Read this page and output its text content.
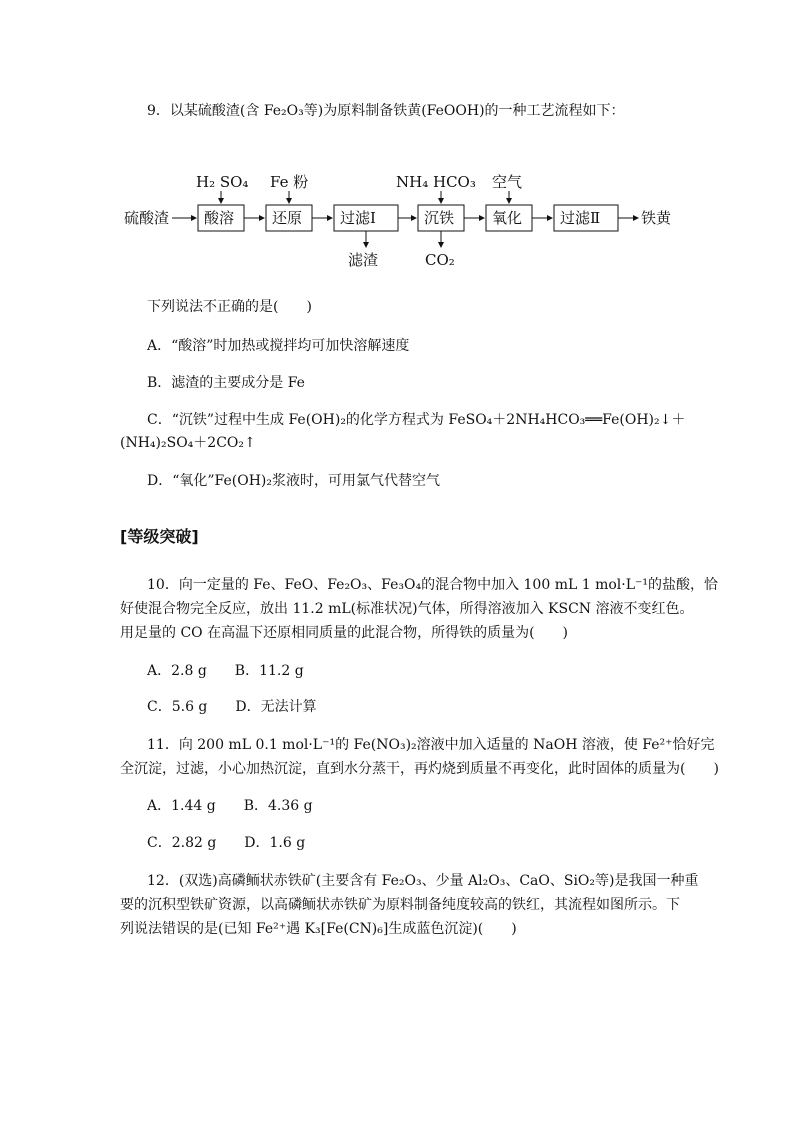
9．以某硫酸渣(含 Fe₂O₃等)为原料制备铁黄(FeOOH)的一种工艺流程如下：
硫酸渣 酸溶	还原	过滤Ⅰ	沉铁	氧化	过滤Ⅱ	铁黄
H₂ SO₄ Fe 粉	NH₄ HCO₃ 空气
滤渣	CO₂
下列说法不正确的是(　　)
A．“酸溶”时加热或搅拌均可加快溶解速度
B．滤渣的主要成分是 Fe
C．“沉铁”过程中生成 Fe(OH)₂的化学方程式为 FeSO₄＋2NH₄HCO₃══Fe(OH)₂↓＋
(NH₄)₂SO₄＋2CO₂↑
D．“氧化”Fe(OH)₂浆液时，可用氯气代替空气
[等级突破]
10．向一定量的 Fe、FeO、Fe₂O₃、Fe₃O₄的混合物中加入 100 mL 1 mol·L⁻¹的盐酸，恰
好使混合物完全反应，放出 11.2 mL(标准状况)气体，所得溶液加入 KSCN 溶液不变红色。
用足量的 CO 在高温下还原相同质量的此混合物，所得铁的质量为(　　)
A．2.8 g　　B．11.2 g
C．5.6 g　　D．无法计算
11．向 200 mL 0.1 mol·L⁻¹的 Fe(NO₃)₂溶液中加入适量的 NaOH 溶液，使 Fe²⁺恰好完
全沉淀，过滤，小心加热沉淀，直到水分蒸干，再灼烧到质量不再变化，此时固体的质量为(　　)
A．1.44 g　　B．4.36 g
C．2.82 g　　D．1.6 g
12．(双选)高磷鲕状赤铁矿(主要含有 Fe₂O₃、少量 Al₂O₃、CaO、SiO₂等)是我国一种重
要的沉积型铁矿资源，以高磷鲕状赤铁矿为原料制备纯度较高的铁红，其流程如图所示。下
列说法错误的是(已知 Fe²⁺遇 K₃[Fe(CN)₆]生成蓝色沉淀)(　　)
